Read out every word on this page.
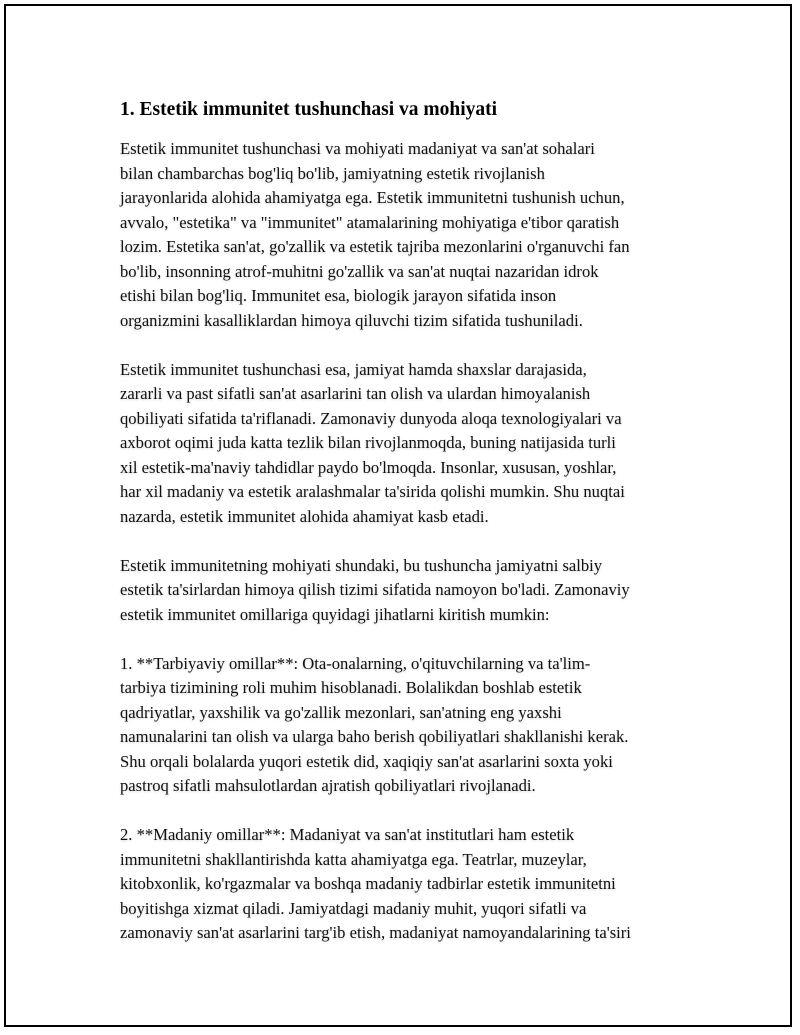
1. Estetik immunitet tushunchasi va mohiyati
Estetik immunitet tushunchasi va mohiyati madaniyat va san'at sohalari
bilan chambarchas bog'liq bo'lib, jamiyatning estetik rivojlanish
jarayonlarida alohida ahamiyatga ega. Estetik immunitetni tushunish uchun,
avvalo, "estetika" va "immunitet" atamalarining mohiyatiga e'tibor qaratish
lozim. Estetika san'at, go'zallik va estetik tajriba mezonlarini o'rganuvchi fan
bo'lib, insonning atrof-muhitni go'zallik va san'at nuqtai nazaridan idrok
etishi bilan bog'liq. Immunitet esa, biologik jarayon sifatida inson
organizmini kasalliklardan himoya qiluvchi tizim sifatida tushuniladi.
Estetik immunitet tushunchasi esa, jamiyat hamda shaxslar darajasida,
zararli va past sifatli san'at asarlarini tan olish va ulardan himoyalanish
qobiliyati sifatida ta'riflanadi. Zamonaviy dunyoda aloqa texnologiyalari va
axborot oqimi juda katta tezlik bilan rivojlanmoqda, buning natijasida turli
xil estetik-ma'naviy tahdidlar paydo bo'lmoqda. Insonlar, xususan, yoshlar,
har xil madaniy va estetik aralashmalar ta'sirida qolishi mumkin. Shu nuqtai
nazarda, estetik immunitet alohida ahamiyat kasb etadi.
Estetik immunitetning mohiyati shundaki, bu tushuncha jamiyatni salbiy
estetik ta'sirlardan himoya qilish tizimi sifatida namoyon bo'ladi. Zamonaviy
estetik immunitet omillariga quyidagi jihatlarni kiritish mumkin:
1. **Tarbiyaviy omillar**: Ota-onalarning, o'qituvchilarning va ta'lim-
tarbiya tizimining roli muhim hisoblanadi. Bolalikdan boshlab estetik
qadriyatlar, yaxshilik va go'zallik mezonlari, san'atning eng yaxshi
namunalarini tan olish va ularga baho berish qobiliyatlari shakllanishi kerak.
Shu orqali bolalarda yuqori estetik did, xaqiqiy san'at asarlarini soxta yoki
pastroq sifatli mahsulotlardan ajratish qobiliyatlari rivojlanadi.
2. **Madaniy omillar**: Madaniyat va san'at institutlari ham estetik
immunitetni shakllantirishda katta ahamiyatga ega. Teatrlar, muzeylar,
kitobxonlik, ko'rgazmalar va boshqa madaniy tadbirlar estetik immunitetni
boyitishga xizmat qiladi. Jamiyatdagi madaniy muhit, yuqori sifatli va
zamonaviy san'at asarlarini targ'ib etish, madaniyat namoyandalarining ta'siri
